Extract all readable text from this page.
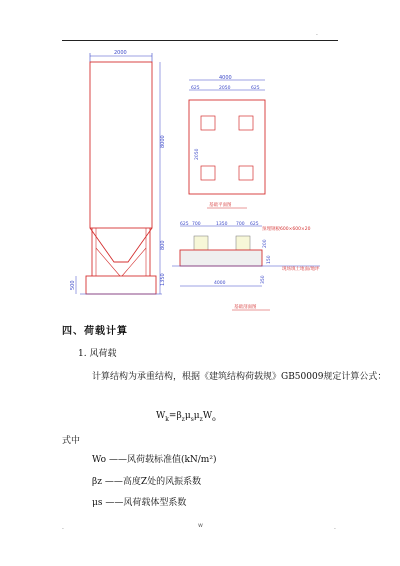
.
2000
8000
800
1350
500
4000
625	2050	625
2050
基础平面图
625 700	1350 700 625
预埋钢板600×600×20
200
150
现场填土地面/地坪
4000	350
基础剖面图
四、荷载计算
1. 风荷载
计算结构为承重结构，根据《建筑结构荷载规》GB50009规定计算公式：
$W_k=\beta_z\mu_s\mu_zW_o$
式中
Wo ——风荷载标准值(kN/m²)
βz ——高度Z处的风振系数
μs ——风荷载体型系数
.	w	.
